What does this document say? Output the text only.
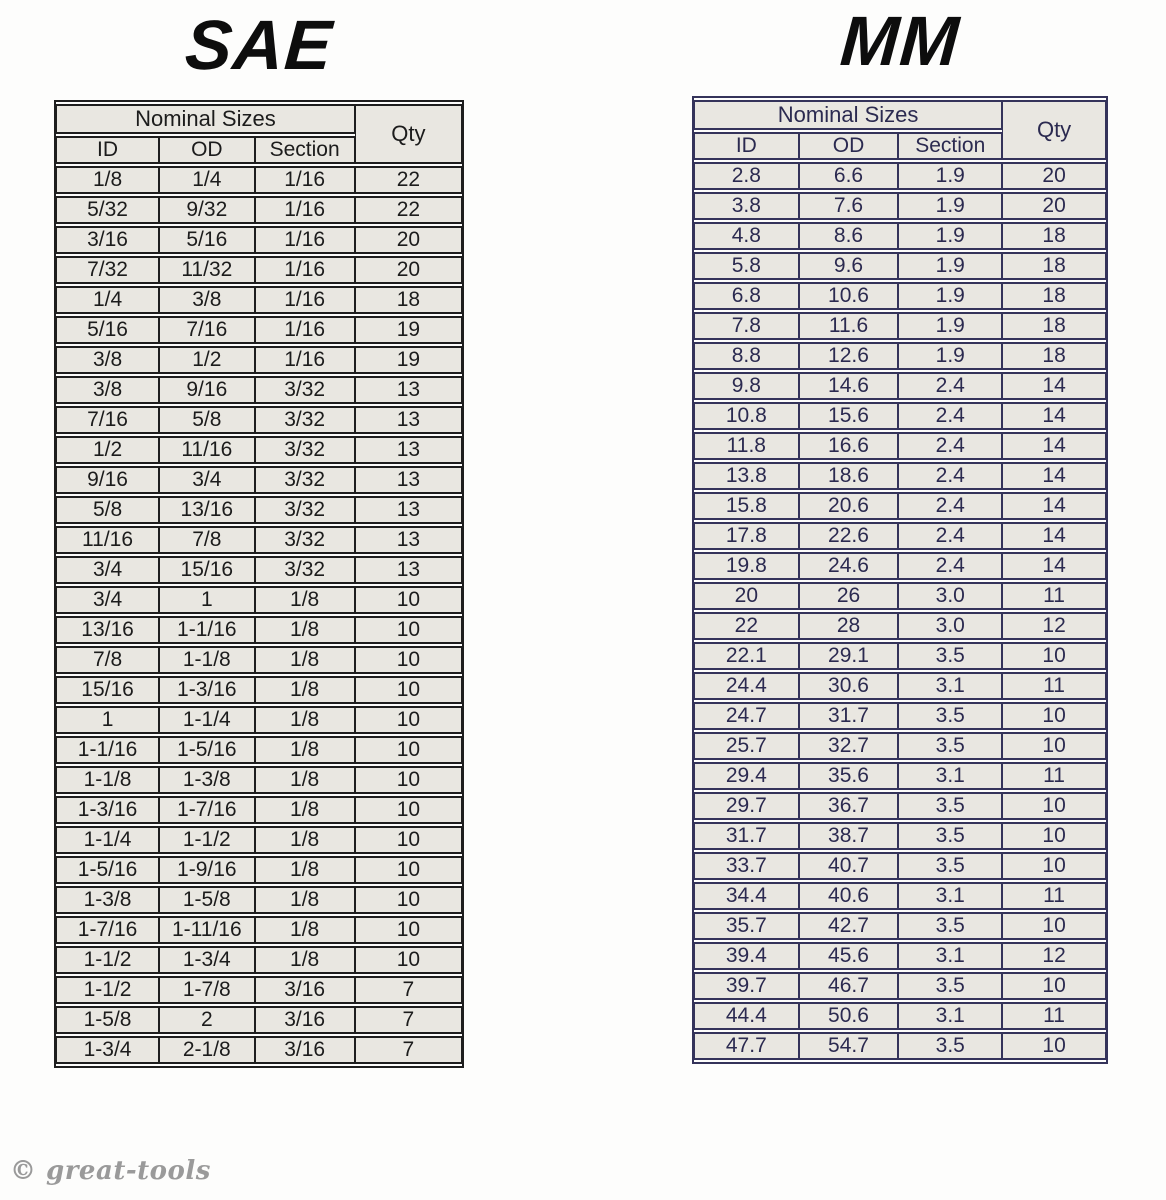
SAE
Nominal Sizes			Qty
ID	OD	Section	
1/8	1/4	1/16	22
5/32	9/32	1/16	22
3/16	5/16	1/16	20
7/32	11/32	1/16	20
1/4	3/8	1/16	18
5/16	7/16	1/16	19
3/8	1/2	1/16	19
3/8	9/16	3/32	13
7/16	5/8	3/32	13
1/2	11/16	3/32	13
9/16	3/4	3/32	13
5/8	13/16	3/32	13
11/16	7/8	3/32	13
3/4	15/16	3/32	13
3/4	1	1/8	10
13/16	1-1/16	1/8	10
7/8	1-1/8	1/8	10
15/16	1-3/16	1/8	10
1	1-1/4	1/8	10
1-1/16	1-5/16	1/8	10
1-1/8	1-3/8	1/8	10
1-3/16	1-7/16	1/8	10
1-1/4	1-1/2	1/8	10
1-5/16	1-9/16	1/8	10
1-3/8	1-5/8	1/8	10
1-7/16	1-11/16	1/8	10
1-1/2	1-3/4	1/8	10
1-1/2	1-7/8	3/16	7
1-5/8	2	3/16	7
1-3/4	2-1/8	3/16	7
MM
Nominal Sizes			Qty
ID	OD	Section	
2.8	6.6	1.9	20
3.8	7.6	1.9	20
4.8	8.6	1.9	18
5.8	9.6	1.9	18
6.8	10.6	1.9	18
7.8	11.6	1.9	18
8.8	12.6	1.9	18
9.8	14.6	2.4	14
10.8	15.6	2.4	14
11.8	16.6	2.4	14
13.8	18.6	2.4	14
15.8	20.6	2.4	14
17.8	22.6	2.4	14
19.8	24.6	2.4	14
20	26	3.0	11
22	28	3.0	12
22.1	29.1	3.5	10
24.4	30.6	3.1	11
24.7	31.7	3.5	10
25.7	32.7	3.5	10
29.4	35.6	3.1	11
29.7	36.7	3.5	10
31.7	38.7	3.5	10
33.7	40.7	3.5	10
34.4	40.6	3.1	11
35.7	42.7	3.5	10
39.4	45.6	3.1	12
39.7	46.7	3.5	10
44.4	50.6	3.1	11
47.7	54.7	3.5	10
© great-tools
